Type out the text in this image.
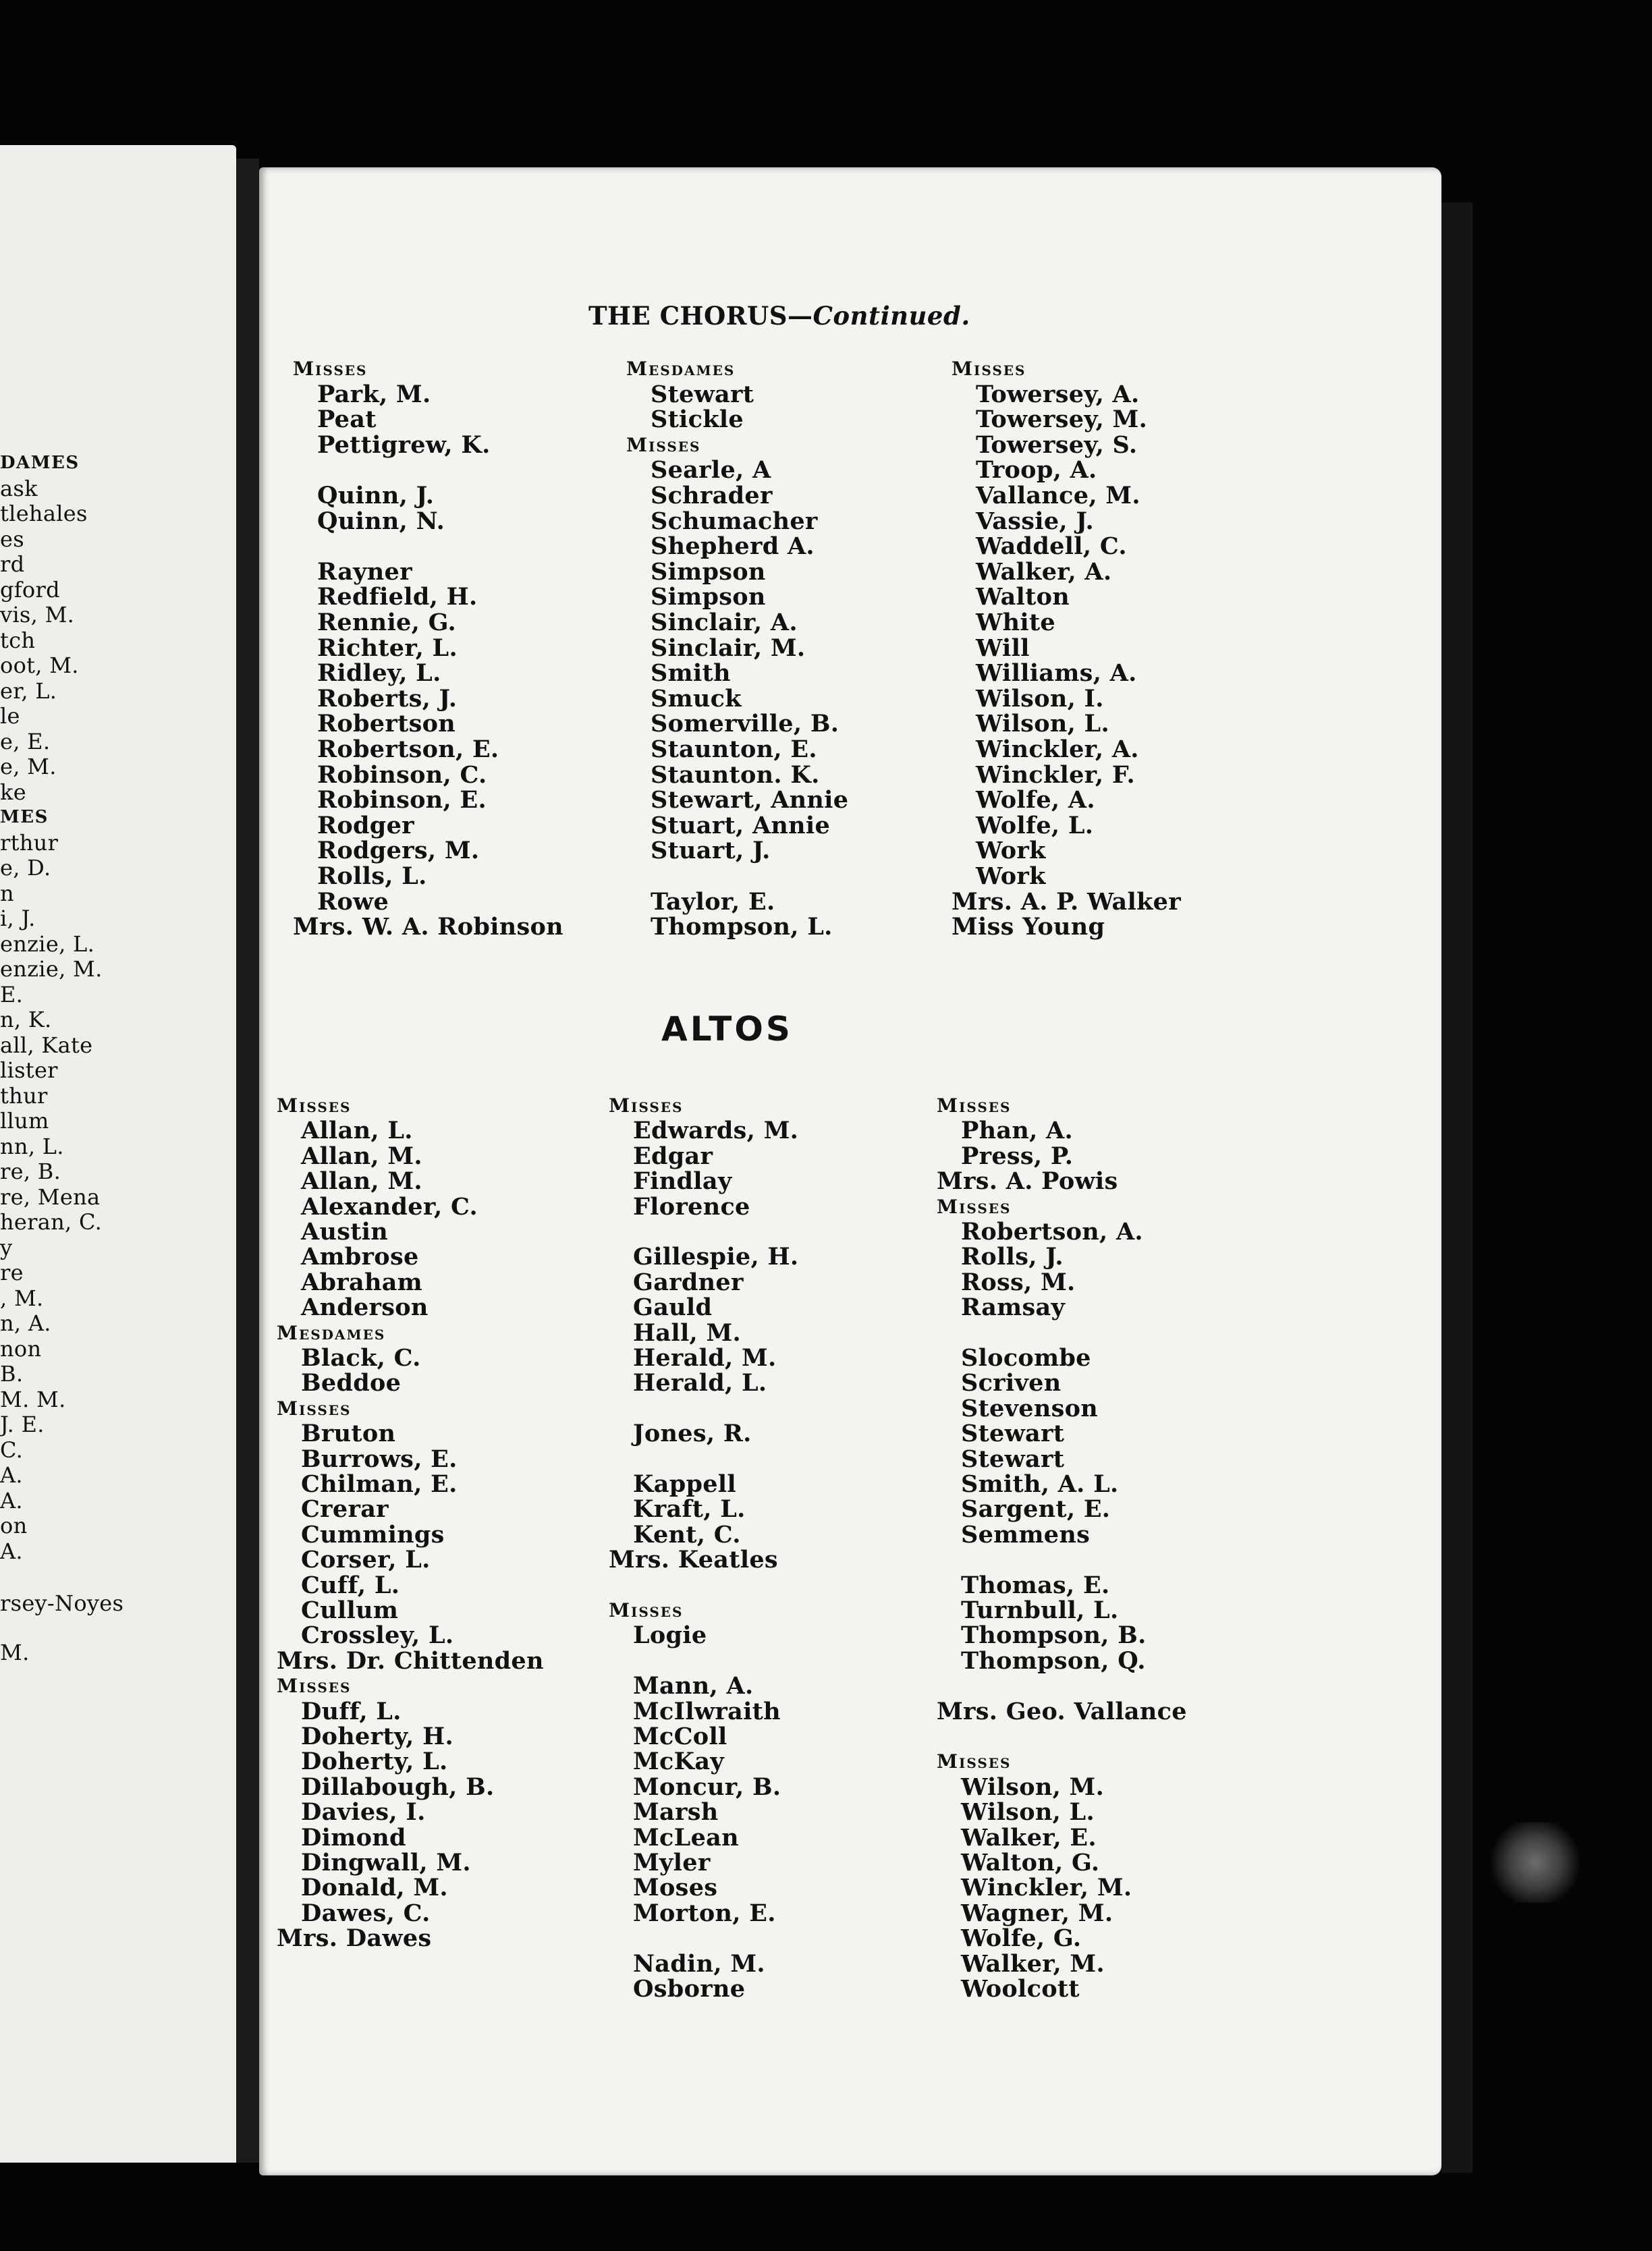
DAMES
ask
tlehales
es
rd
gford
vis, M.
tch
oot, M.
er, L.
le
e, E.
e, M.
ke
MES
rthur
e, D.
n
i, J.
enzie, L.
enzie, M.
E.
n, K.
all, Kate
lister
thur
llum
nn, L.
re, B.
re, Mena
heran, C.
y
re
, M.
n, A.
non
B.
M. M.
J. E.
C.
A.
A.
on
A.
rsey-Noyes
M.
THE CHORUS—Continued.
Misses
Park, M.
Peat
Pettigrew, K.
Quinn, J.
Quinn, N.
Rayner
Redfield, H.
Rennie, G.
Richter, L.
Ridley, L.
Roberts, J.
Robertson
Robertson, E.
Robinson, C.
Robinson, E.
Rodger
Rodgers, M.
Rolls, L.
Rowe
Mrs. W. A. Robinson
Mesdames
Stewart
Stickle
Misses
Searle, A
Schrader
Schumacher
Shepherd A.
Simpson
Simpson
Sinclair, A.
Sinclair, M.
Smith
Smuck
Somerville, B.
Staunton, E.
Staunton. K.
Stewart, Annie
Stuart, Annie
Stuart, J.
Taylor, E.
Thompson, L.
Misses
Towersey, A.
Towersey, M.
Towersey, S.
Troop, A.
Vallance, M.
Vassie, J.
Waddell, C.
Walker, A.
Walton
White
Will
Williams, A.
Wilson, I.
Wilson, L.
Winckler, A.
Winckler, F.
Wolfe, A.
Wolfe, L.
Work
Work
Mrs. A. P. Walker
Miss Young
ALTOS
Misses
Allan, L.
Allan, M.
Allan, M.
Alexander, C.
Austin
Ambrose
Abraham
Anderson
Mesdames
Black, C.
Beddoe
Misses
Bruton
Burrows, E.
Chilman, E.
Crerar
Cummings
Corser, L.
Cuff, L.
Cullum
Crossley, L.
Mrs. Dr. Chittenden
Misses
Duff, L.
Doherty, H.
Doherty, L.
Dillabough, B.
Davies, I.
Dimond
Dingwall, M.
Donald, M.
Dawes, C.
Mrs. Dawes
Misses
Edwards, M.
Edgar
Findlay
Florence
Gillespie, H.
Gardner
Gauld
Hall, M.
Herald, M.
Herald, L.
Jones, R.
Kappell
Kraft, L.
Kent, C.
Mrs. Keatles
Misses
Logie
Mann, A.
McIlwraith
McColl
McKay
Moncur, B.
Marsh
McLean
Myler
Moses
Morton, E.
Nadin, M.
Osborne
Misses
Phan, A.
Press, P.
Mrs. A. Powis
Misses
Robertson, A.
Rolls, J.
Ross, M.
Ramsay
Slocombe
Scriven
Stevenson
Stewart
Stewart
Smith, A. L.
Sargent, E.
Semmens
Thomas, E.
Turnbull, L.
Thompson, B.
Thompson, Q.
Mrs. Geo. Vallance
Misses
Wilson, M.
Wilson, L.
Walker, E.
Walton, G.
Winckler, M.
Wagner, M.
Wolfe, G.
Walker, M.
Woolcott
